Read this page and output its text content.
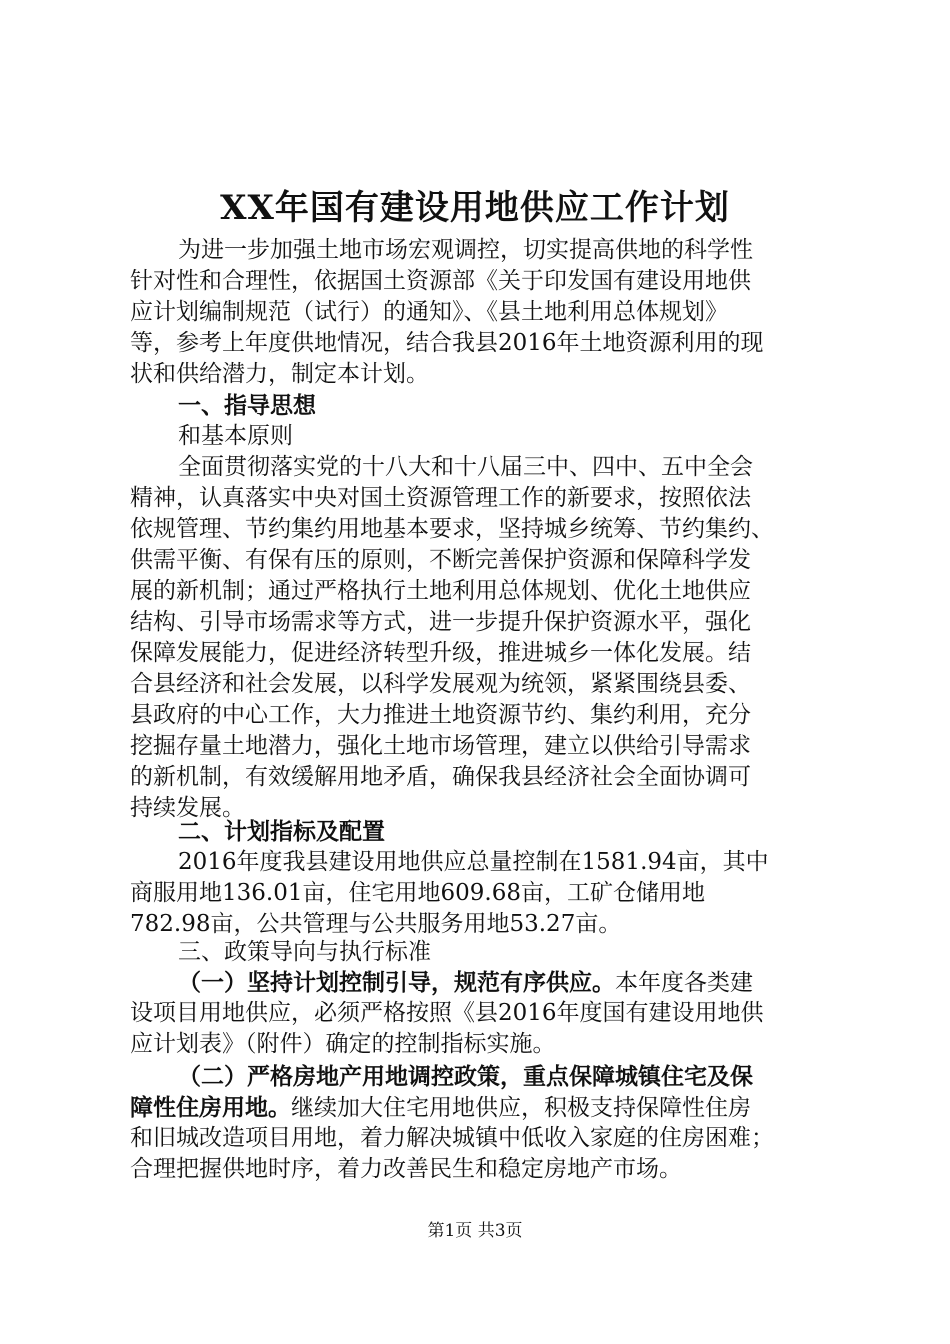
XX年国有建设用地供应工作计划
为进一步加强土地市场宏观调控，切实提高供地的科学性
针对性和合理性，依据国土资源部《关于印发国有建设用地供
应计划编制规范（试行）的通知》、《县土地利用总体规划》
等，参考上年度供地情况，结合我县2016年土地资源利用的现
状和供给潜力，制定本计划。
一、指导思想
和基本原则
全面贯彻落实党的十八大和十八届三中、四中、五中全会
精神，认真落实中央对国土资源管理工作的新要求，按照依法
依规管理、节约集约用地基本要求，坚持城乡统筹、节约集约、
供需平衡、有保有压的原则，不断完善保护资源和保障科学发
展的新机制；通过严格执行土地利用总体规划、优化土地供应
结构、引导市场需求等方式，进一步提升保护资源水平，强化
保障发展能力，促进经济转型升级，推进城乡一体化发展。结
合县经济和社会发展，以科学发展观为统领，紧紧围绕县委、
县政府的中心工作，大力推进土地资源节约、集约利用，充分
挖掘存量土地潜力，强化土地市场管理，建立以供给引导需求
的新机制，有效缓解用地矛盾，确保我县经济社会全面协调可
持续发展。
二、计划指标及配置
2016年度我县建设用地供应总量控制在1581.94亩，其中
商服用地136.01亩，住宅用地609.68亩，工矿仓储用地
782.98亩，公共管理与公共服务用地53.27亩。
三、政策导向与执行标准
（一）坚持计划控制引导，规范有序供应。本年度各类建
设项目用地供应，必须严格按照《县2016年度国有建设用地供
应计划表》（附件）确定的控制指标实施。
（二）严格房地产用地调控政策，重点保障城镇住宅及保
障性住房用地。继续加大住宅用地供应，积极支持保障性住房
和旧城改造项目用地，着力解决城镇中低收入家庭的住房困难；
合理把握供地时序，着力改善民生和稳定房地产市场。
第1页 共3页
